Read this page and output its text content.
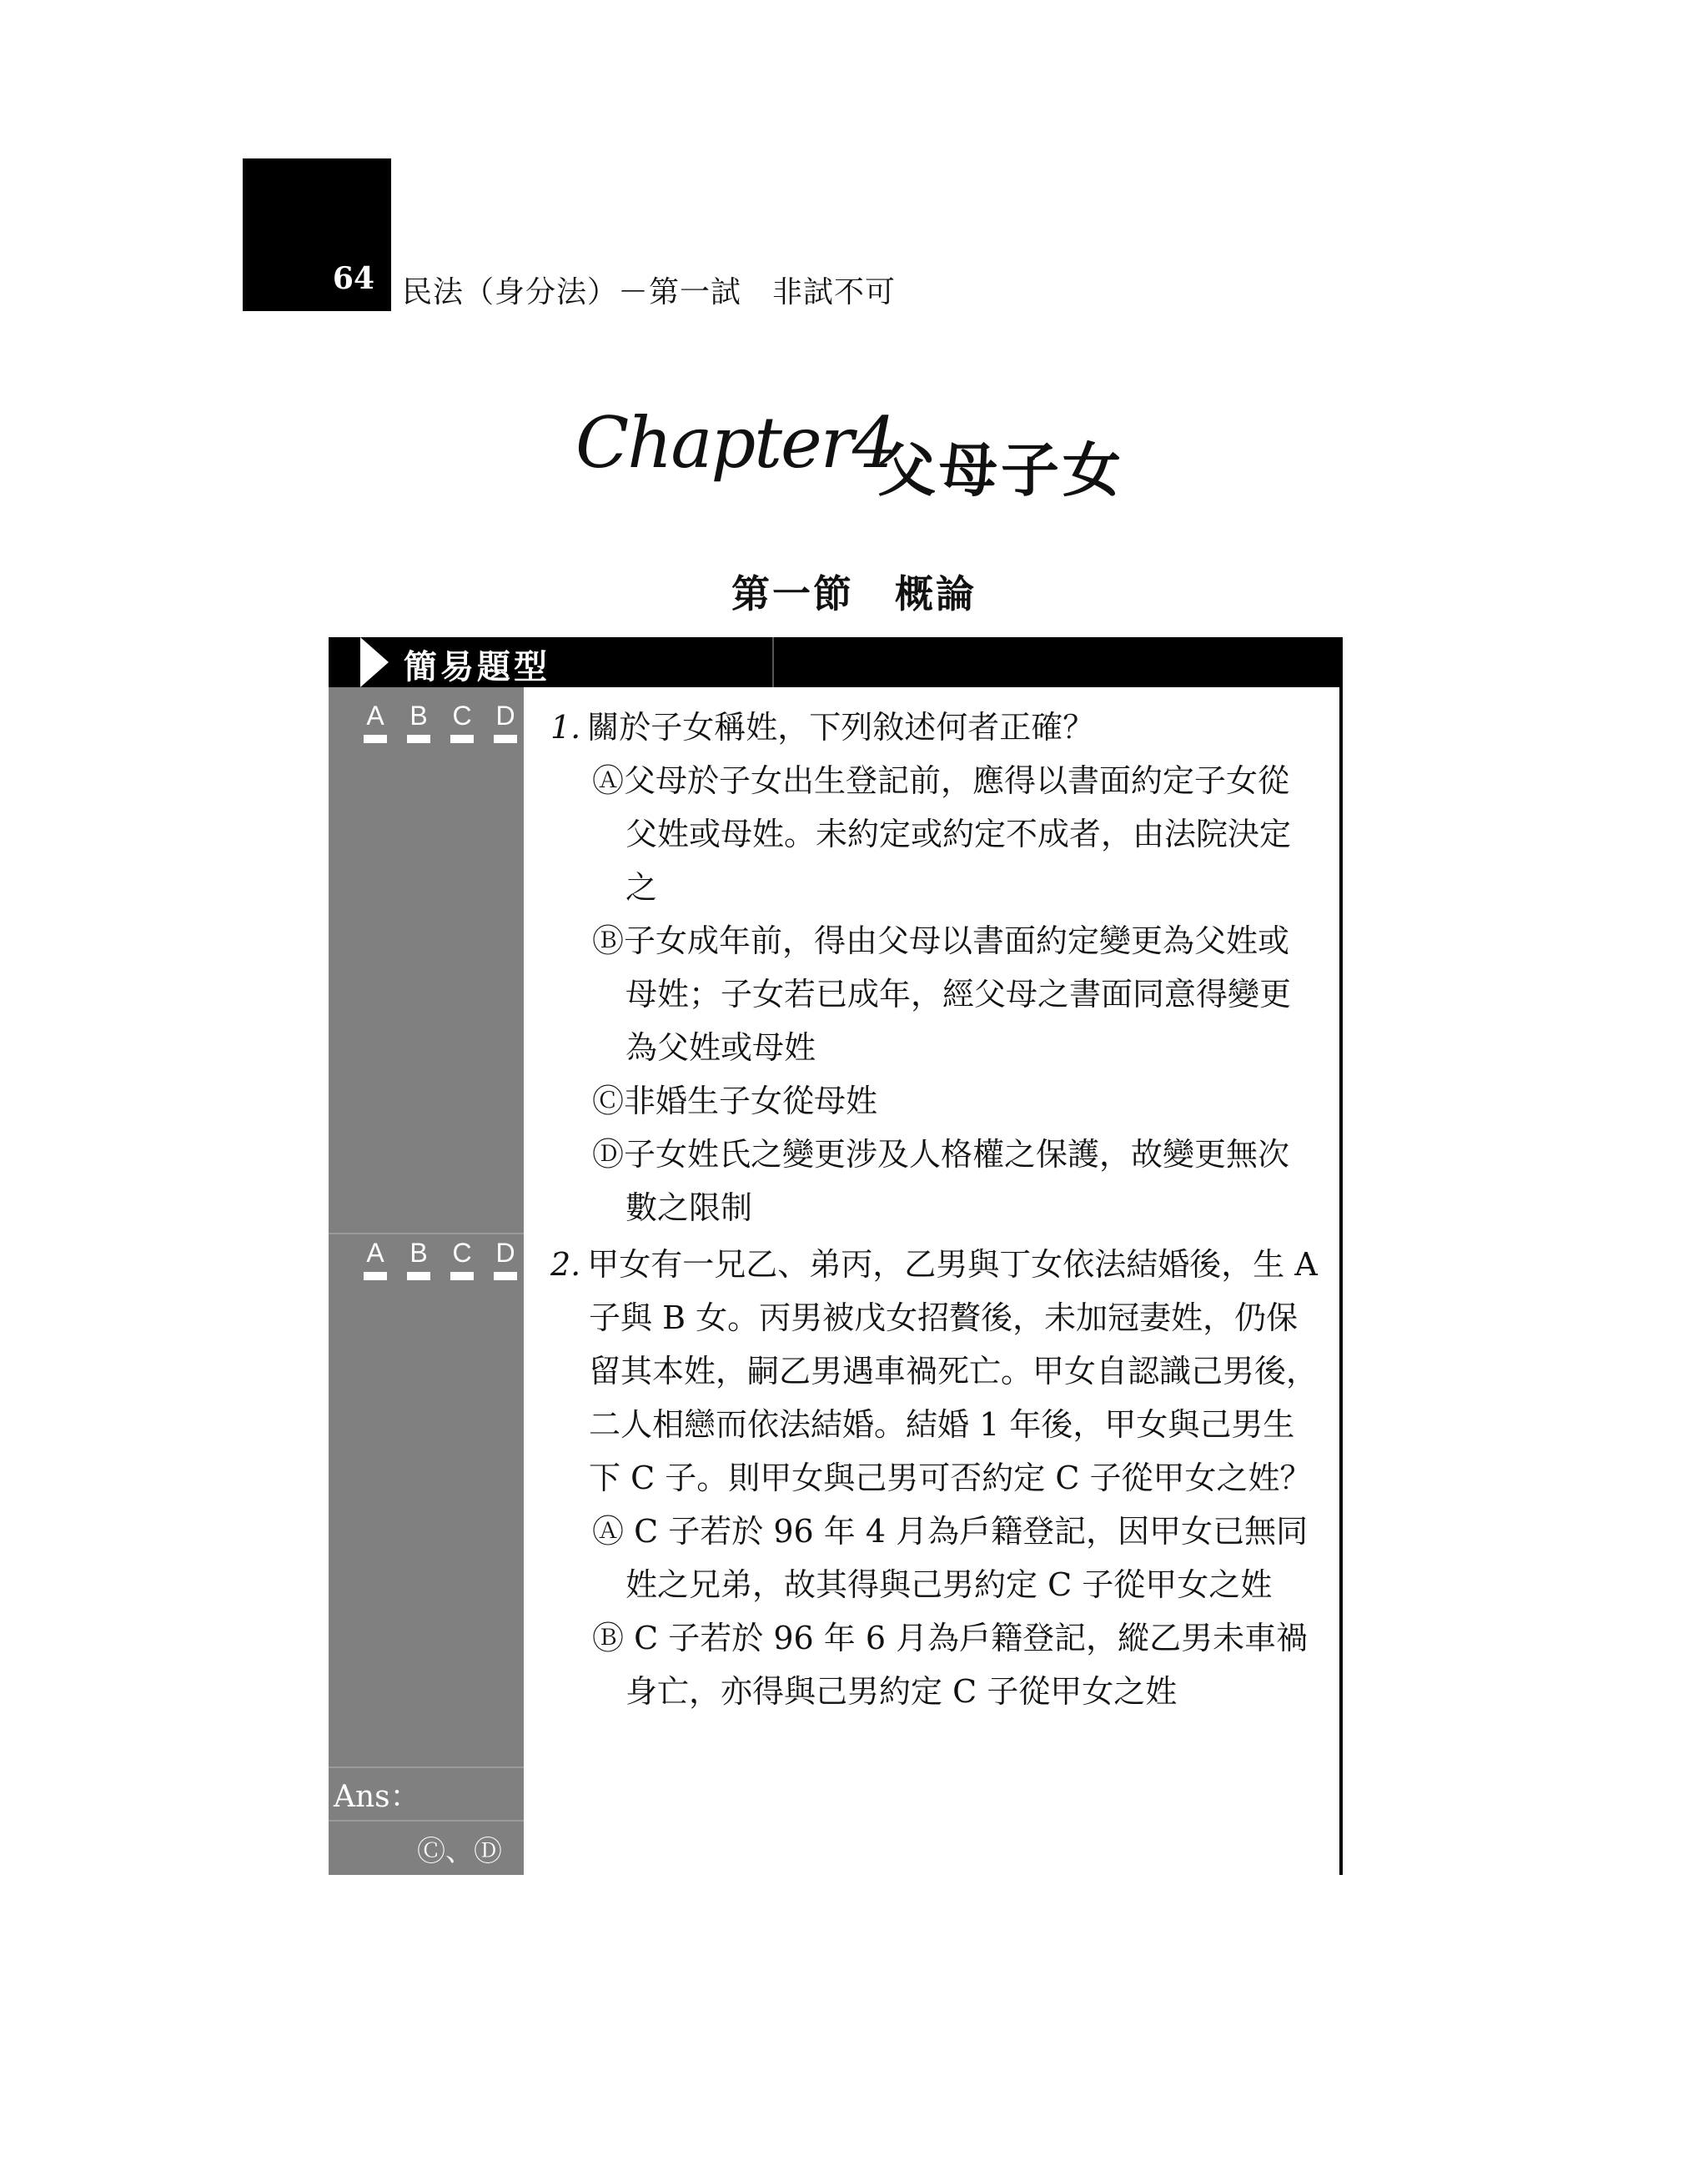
64 民法（身分法）－第一試　非試不可
Chapter4
父母子女
第一節　概論
簡易題型
A B C D
A B C D

1. 關於子女稱姓，下列敘述何者正確？

Ⓐ父母於子女出生登記前，應得以書面約定子女從父姓或母姓。未約定或約定不成者，由法院決定之

Ⓑ子女成年前，得由父母以書面約定變更為父姓或母姓；子女若已成年，經父母之書面同意得變更為父姓或母姓

Ⓒ非婚生子女從母姓

Ⓓ子女姓氏之變更涉及人格權之保護，故變更無次數之限制

2. 甲女有一兄乙、弟丙，乙男與丁女依法結婚後，生 A 子與 B 女。丙男被戊女招贅後，未加冠妻姓，仍保留其本姓，嗣乙男遇車禍死亡。甲女自認識己男後，二人相戀而依法結婚。結婚 1 年後，甲女與己男生下 C 子。則甲女與己男可否約定 C 子從甲女之姓？

Ⓐ C 子若於 96 年 4 月為戶籍登記，因甲女已無同姓之兄弟，故其得與己男約定 C 子從甲女之姓

Ⓑ C 子若於 96 年 6 月為戶籍登記，縱乙男未車禍身亡，亦得與己男約定 C 子從甲女之姓

Ans：
Ⓒ、Ⓓ
